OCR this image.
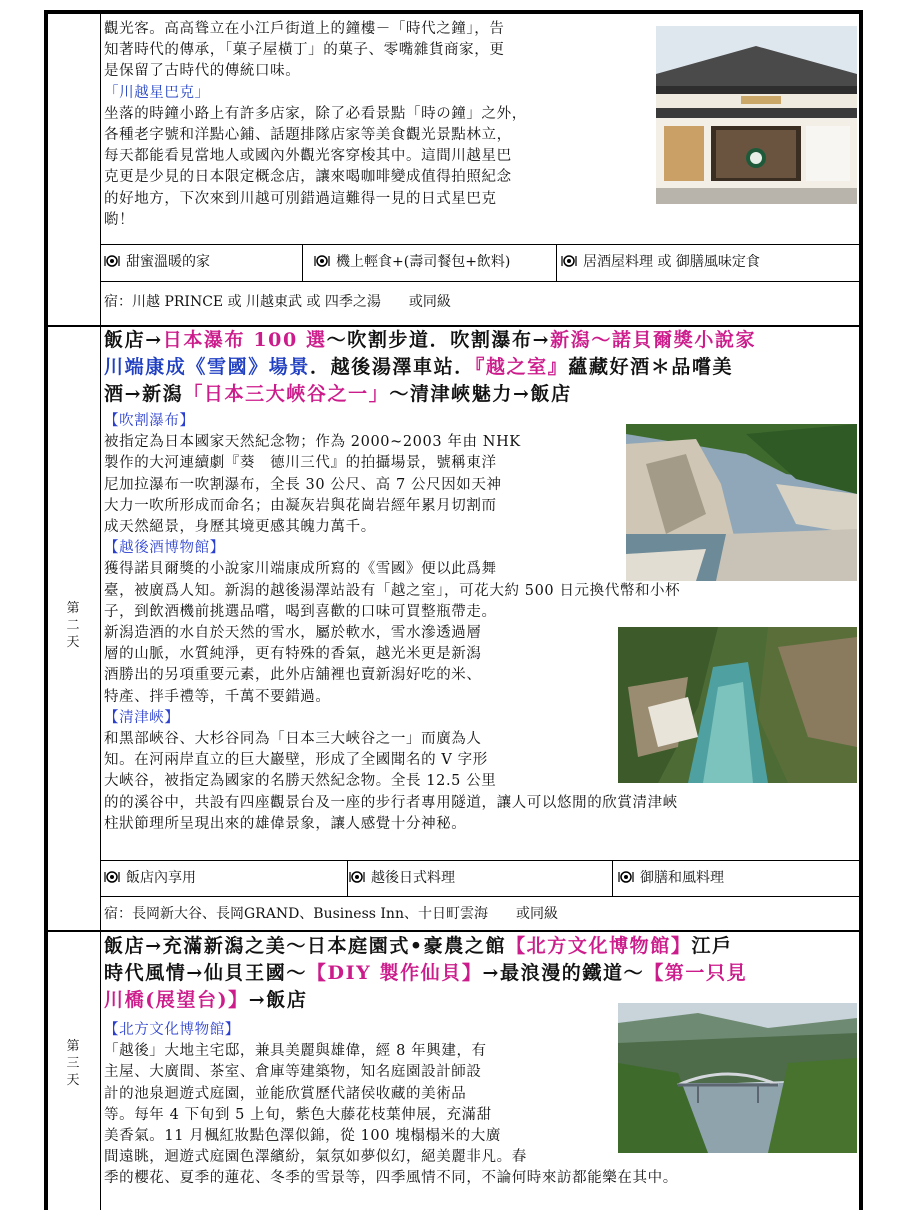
觀光客。高高聳立在小江戶街道上的鐘樓－「時代之鐘」，告
知著時代的傳承，「菓子屋橫丁」的菓子、零嘴雜貨商家，更
是保留了古時代的傳統口味。
「川越星巴克」
坐落的時鐘小路上有許多店家，除了必看景點「時の鐘」之外，
各種老字號和洋點心鋪、話題排隊店家等美食觀光景點林立，
每天都能看見當地人或國內外觀光客穿梭其中。這間川越星巴
克更是少見的日本限定概念店，讓來喝咖啡變成值得拍照紀念
的好地方，下次來到川越可別錯過這難得一見的日式星巴克
喲！
甜蜜溫暖的家	機上輕食+(壽司餐包+飲料)	居酒屋料理 或 御膳風味定食
宿：川越 PRINCE 或 川越東武 或 四季之湯　　或同級
第
二
天
飯店→日本瀑布 100 選～吹割步道．吹割瀑布→新潟～諾貝爾獎小說家
川端康成《雪國》場景．越後湯澤車站．『越之室』蘊藏好酒＊品嚐美
酒→新潟「日本三大峽谷之一」～清津峽魅力→飯店
【吹割瀑布】
被指定為日本國家天然紀念物；作為 2000~2003 年由 NHK
製作的大河連續劇『葵　德川三代』的拍攝場景，號稱東洋
尼加拉瀑布一吹割瀑布，全長 30 公尺、高 7 公尺因如天神
大力一吹所形成而命名；由凝灰岩與花崗岩經年累月切割而
成天然絕景，身歷其境更感其魄力萬千。
【越後酒博物館】
獲得諾貝爾獎的小說家川端康成所寫的《雪國》便以此爲舞
臺，被廣爲人知。新潟的越後湯澤站設有「越之室」，可花大約 500 日元換代幣和小杯
子，到飲酒機前挑選品嚐，喝到喜歡的口味可買整瓶帶走。
新潟造酒的水自於天然的雪水，屬於軟水，雪水滲透過層
層的山脈，水質純淨，更有特殊的香氣，越光米更是新潟
酒勝出的另項重要元素，此外店舖裡也賣新潟好吃的米、
特產、拌手禮等，千萬不要錯過。
【清津峽】
和黑部峽谷、大杉谷同為「日本三大峽谷之一」而廣為人
知。在河兩岸直立的巨大巖壁，形成了全國聞名的 V 字形
大峽谷，被指定為國家的名勝天然紀念物。全長 12.5 公里
的的溪谷中，共設有四座觀景台及一座的步行者專用隧道，讓人可以悠閒的欣賞清津峽
柱狀節理所呈現出來的雄偉景象，讓人感覺十分神秘。
飯店內享用	越後日式料理	御膳和風料理
宿：長岡新大谷、長岡GRAND、Business Inn、十日町雲海　　或同級
第
三
天
飯店→充滿新潟之美～日本庭園式•豪農之館【北方文化博物館】江戶
時代風情→仙貝王國～【DIY 製作仙貝】→最浪漫的鐵道～【第一只見
川橋(展望台)】→飯店
【北方文化博物館】
「越後」大地主宅邸，兼具美麗與雄偉，經 8 年興建，有
主屋、大廣間、茶室、倉庫等建築物，知名庭園設計師設
計的池泉迴遊式庭園，並能欣賞歷代諸侯收藏的美術品
等。每年 4 下旬到 5 上旬，紫色大藤花枝葉伸展，充滿甜
美香氣。11 月楓紅妝點色澤似錦，從 100 塊榻榻米的大廣
間遠眺，迴遊式庭園色澤繽紛，氣氛如夢似幻，絕美麗非凡。春
季的櫻花、夏季的蓮花、冬季的雪景等，四季風情不同，不論何時來訪都能樂在其中。
